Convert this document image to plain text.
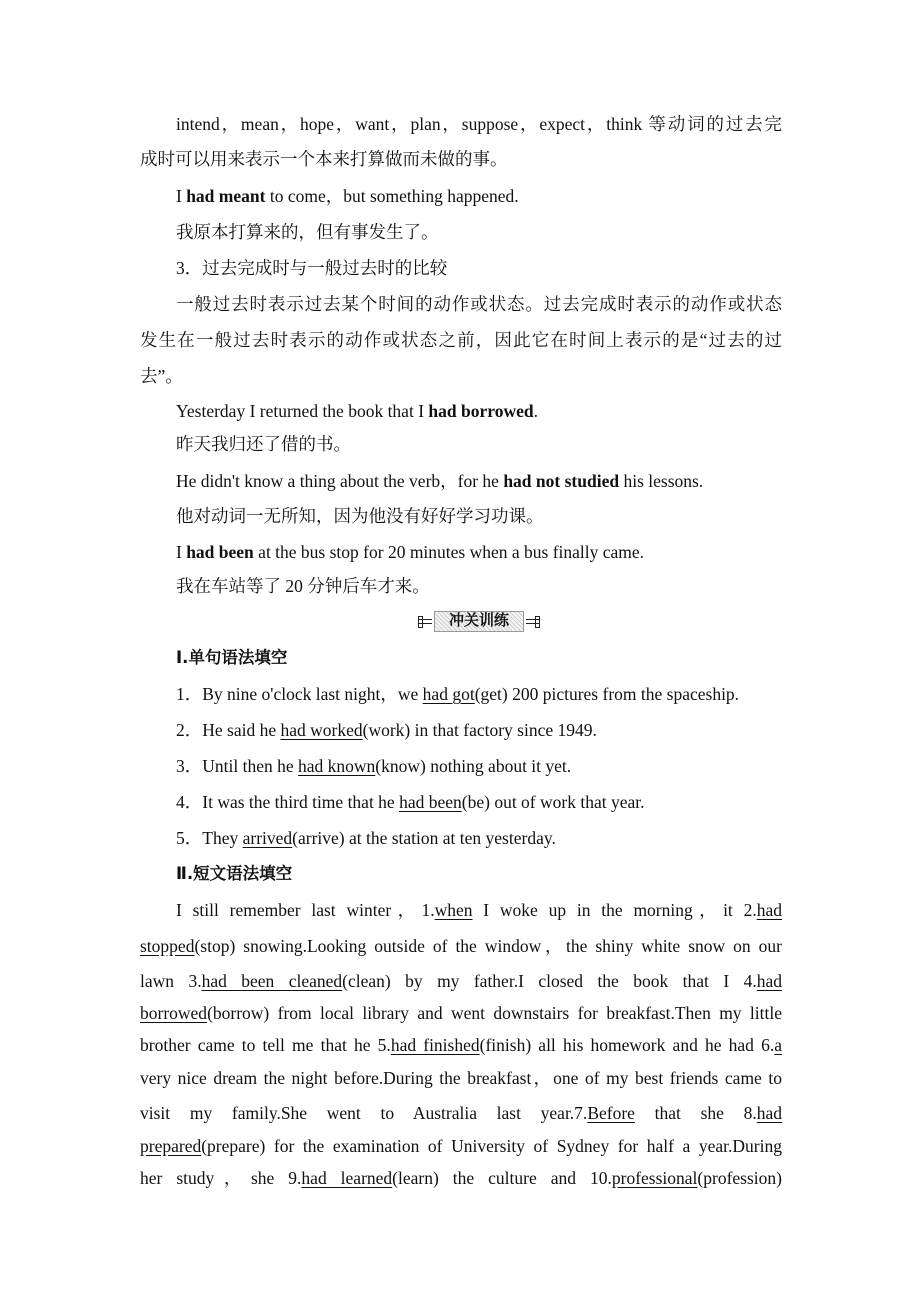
intend，mean，hope，want，plan，suppose，expect，think 等动词的过去完
成时可以用来表示一个本来打算做而未做的事。
I had meant to come，but something happened.
我原本打算来的，但有事发生了。
3．过去完成时与一般过去时的比较
一般过去时表示过去某个时间的动作或状态。过去完成时表示的动作或状态
发生在一般过去时表示的动作或状态之前，因此它在时间上表示的是“过去的过
去”。
Yesterday I returned the book that I had borrowed.
昨天我归还了借的书。
He didn't know a thing about the verb，for he had not studied his lessons.
他对动词一无所知，因为他没有好好学习功课。
I had been at the bus stop for 20 minutes when a bus finally came.
我在车站等了 20 分钟后车才来。
冲关训练
Ⅰ.单句语法填空
1．By nine o'clock last night，we had got(get) 200 pictures from the spaceship.
2．He said he had worked(work) in that factory since 1949.
3．Until then he had known(know) nothing about it yet.
4．It was the third time that he had been(be) out of work that year.
5．They arrived(arrive) at the station at ten yesterday.
Ⅱ.短文语法填空
I still remember last winter，1.when I woke up in the morning，it 2.had
stopped(stop) snowing.Looking outside of the window，the shiny white snow on our
lawn 3.had been cleaned(clean) by my father.I closed the book that I 4.had
borrowed(borrow) from local library and went downstairs for breakfast.Then my little
brother came to tell me that he 5.had finished(finish) all his homework and he had 6.a
very nice dream the night before.During the breakfast，one of my best friends came to
visit my family.She went to Australia last year.7.Before that she 8.had
prepared(prepare) for the examination of University of Sydney for half a year.During
her study，she 9.had learned(learn) the culture and 10.professional(profession)
